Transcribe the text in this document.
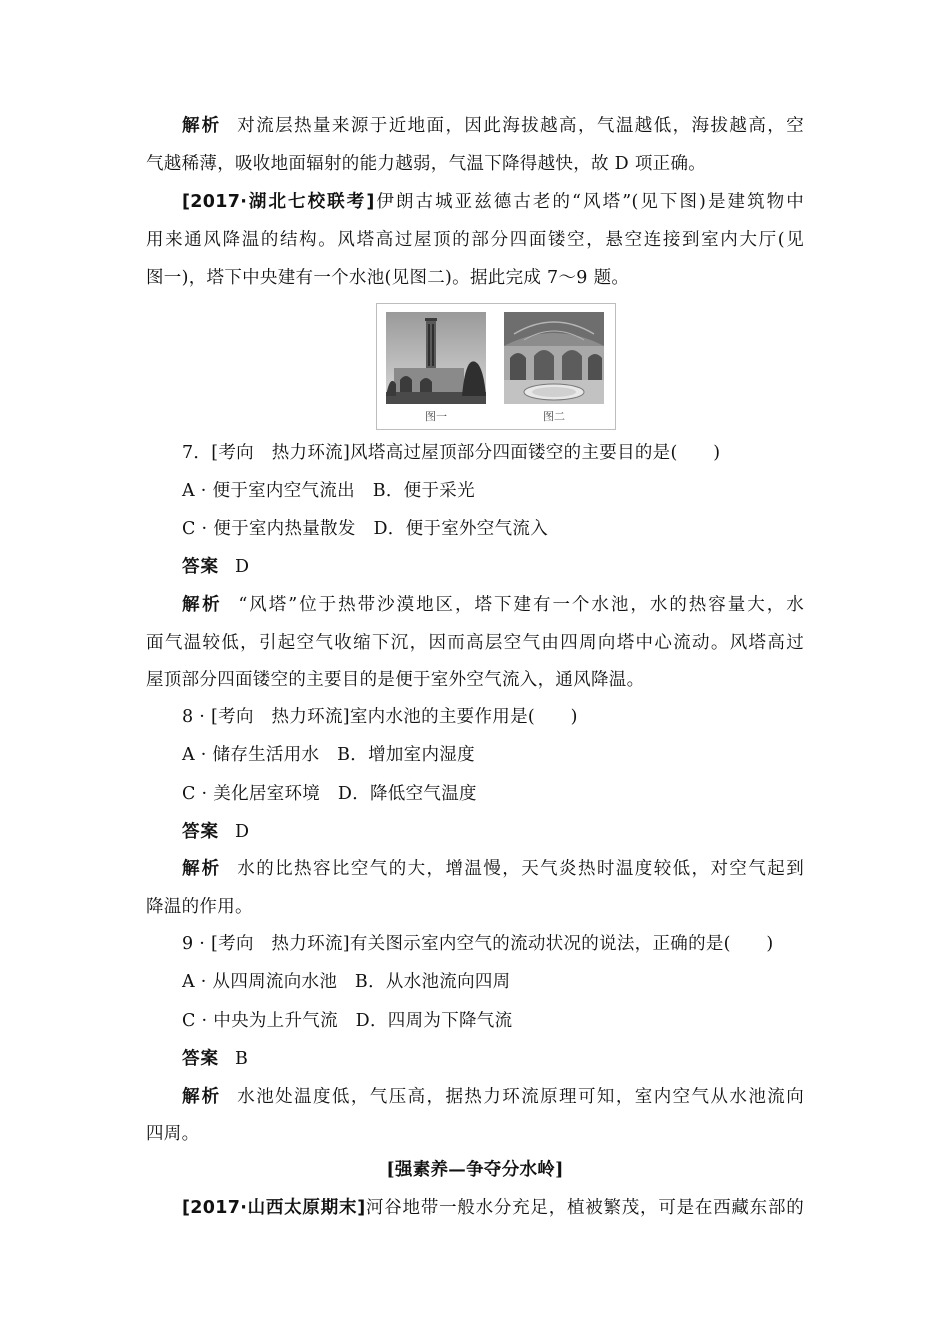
解析 对流层热量来源于近地面，因此海拔越高，气温越低，海拔越高，空
气越稀薄，吸收地面辐射的能力越弱，气温下降得越快，故 D 项正确。
[2017·湖北七校联考]伊朗古城亚兹德古老的“风塔”(见下图)是建筑物中
用来通风降温的结构。风塔高过屋顶的部分四面镂空，悬空连接到室内大厅(见
图一)，塔下中央建有一个水池(见图二)。据此完成 7～9 题。
图一	图二
7．[考向　热力环流]风塔高过屋顶部分四面镂空的主要目的是(　　)
A · 便于室内空气流出　B．便于采光
C · 便于室内热量散发　D．便于室外空气流入
答案 D
解析 “风塔”位于热带沙漠地区，塔下建有一个水池，水的热容量大，水
面气温较低，引起空气收缩下沉，因而高层空气由四周向塔中心流动。风塔高过
屋顶部分四面镂空的主要目的是便于室外空气流入，通风降温。
8 · [考向　热力环流]室内水池的主要作用是(　　)
A · 储存生活用水　B．增加室内湿度
C · 美化居室环境　D．降低空气温度
答案 D
解析 水的比热容比空气的大，增温慢，天气炎热时温度较低，对空气起到
降温的作用。
9 · [考向　热力环流]有关图示室内空气的流动状况的说法，正确的是(　　)
A · 从四周流向水池　B．从水池流向四周
C · 中央为上升气流　D．四周为下降气流
答案 B
解析 水池处温度低，气压高，据热力环流原理可知，室内空气从水池流向
四周。
[强素养—争夺分水岭]
[2017·山西太原期末]河谷地带一般水分充足，植被繁茂，可是在西藏东部的
